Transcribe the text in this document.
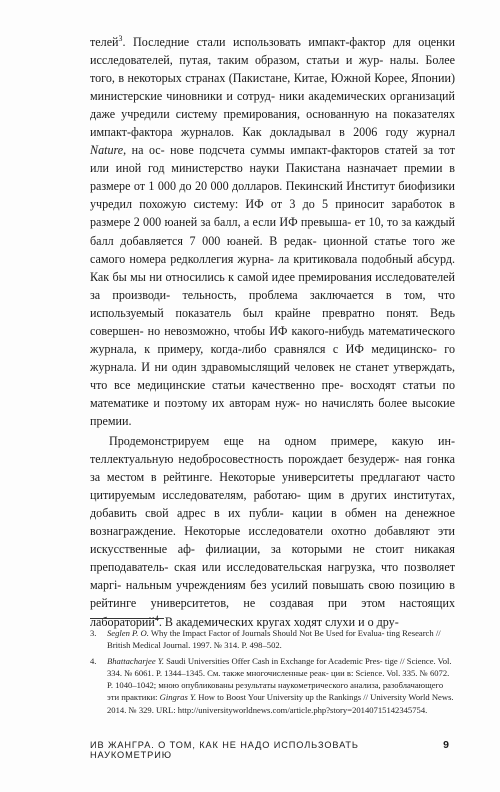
телей$^3$. Последние стали использовать импакт-фактор для оценки исследователей, путая, таким образом, статьи и жур- налы. Более того, в некоторых странах (Пакистане, Китае, Южной Корее, Японии) министерские чиновники и сотруд- ники академических организаций даже учредили систему премирования, основанную на показателях импакт-фактора журналов. Как докладывал в 2006 году журнал Nature, на ос- нове подсчета суммы импакт-факторов статей за тот или иной год министерство науки Пакистана назначает премии в размере от 1 000 до 20 000 долларов. Пекинский Институт биофизики учредил похожую систему: ИФ от 3 до 5 приносит заработок в размере 2 000 юаней за балл, а если ИФ превыша- ет 10, то за каждый балл добавляется 7 000 юаней. В редак- ционной статье того же самого номера редколлегия журна- ла критиковала подобный абсурд. Как бы мы ни относились к самой идее премирования исследователей за производи- тельность, проблема заключается в том, что используемый показатель был крайне превратно понят. Ведь совершен- но невозможно, чтобы ИФ какого-нибудь математического журнала, к примеру, когда-либо сравнялся с ИФ медицинско- го журнала. И ни один здравомыслящий человек не станет утверждать, что все медицинские статьи качественно пре- восходят статьи по математике и поэтому их авторам нуж- но начислять более высокие премии.

Продемонстрируем еще на одном примере, какую ин- теллектуальную недобросовестность порождает безудерж- ная гонка за местом в рейтинге. Некоторые университеты предлагают часто цитируемым исследователям, работаю- щим в других институтах, добавить свой адрес в их публи- кации в обмен на денежное вознаграждение. Некоторые исследователи охотно добавляют эти искусственные аф- филиации, за которыми не стоит никакая преподаватель- ская или исследовательская нагрузка, что позволяет маргі- нальным учреждениям без усилий повышать свою позицию в рейтинге университетов, не создавая при этом настоящих лабораторий$^4$. В академических кругах ходят слухи и о дру-

3.	Seglen P. O. Why the Impact Factor of Journals Should Not Be Used for Evalua- ting Research // British Medical Journal. 1997. № 314. P. 498–502.
4.	Bhattacharjee Y. Saudi Universities Offer Cash in Exchange for Academic Pres- tige // Science. Vol. 334. № 6061. P. 1344–1345. См. также многочисленные реак- ции в: Science. Vol. 335. № 6072. P. 1040–1042; мною опубликованы результаты наукометрического анализа, разоблачающего эти практики: Gingras Y. How to Boost Your University up the Rankings // University World News. 2014. № 329. URL: http://universityworldnews.com/article.php?story=20140715142345754.
ИВ ЖАНГРА. О ТОМ, КАК НЕ НАДО ИСПОЛЬЗОВАТЬ НАУКОМЕТРИЮ
9
